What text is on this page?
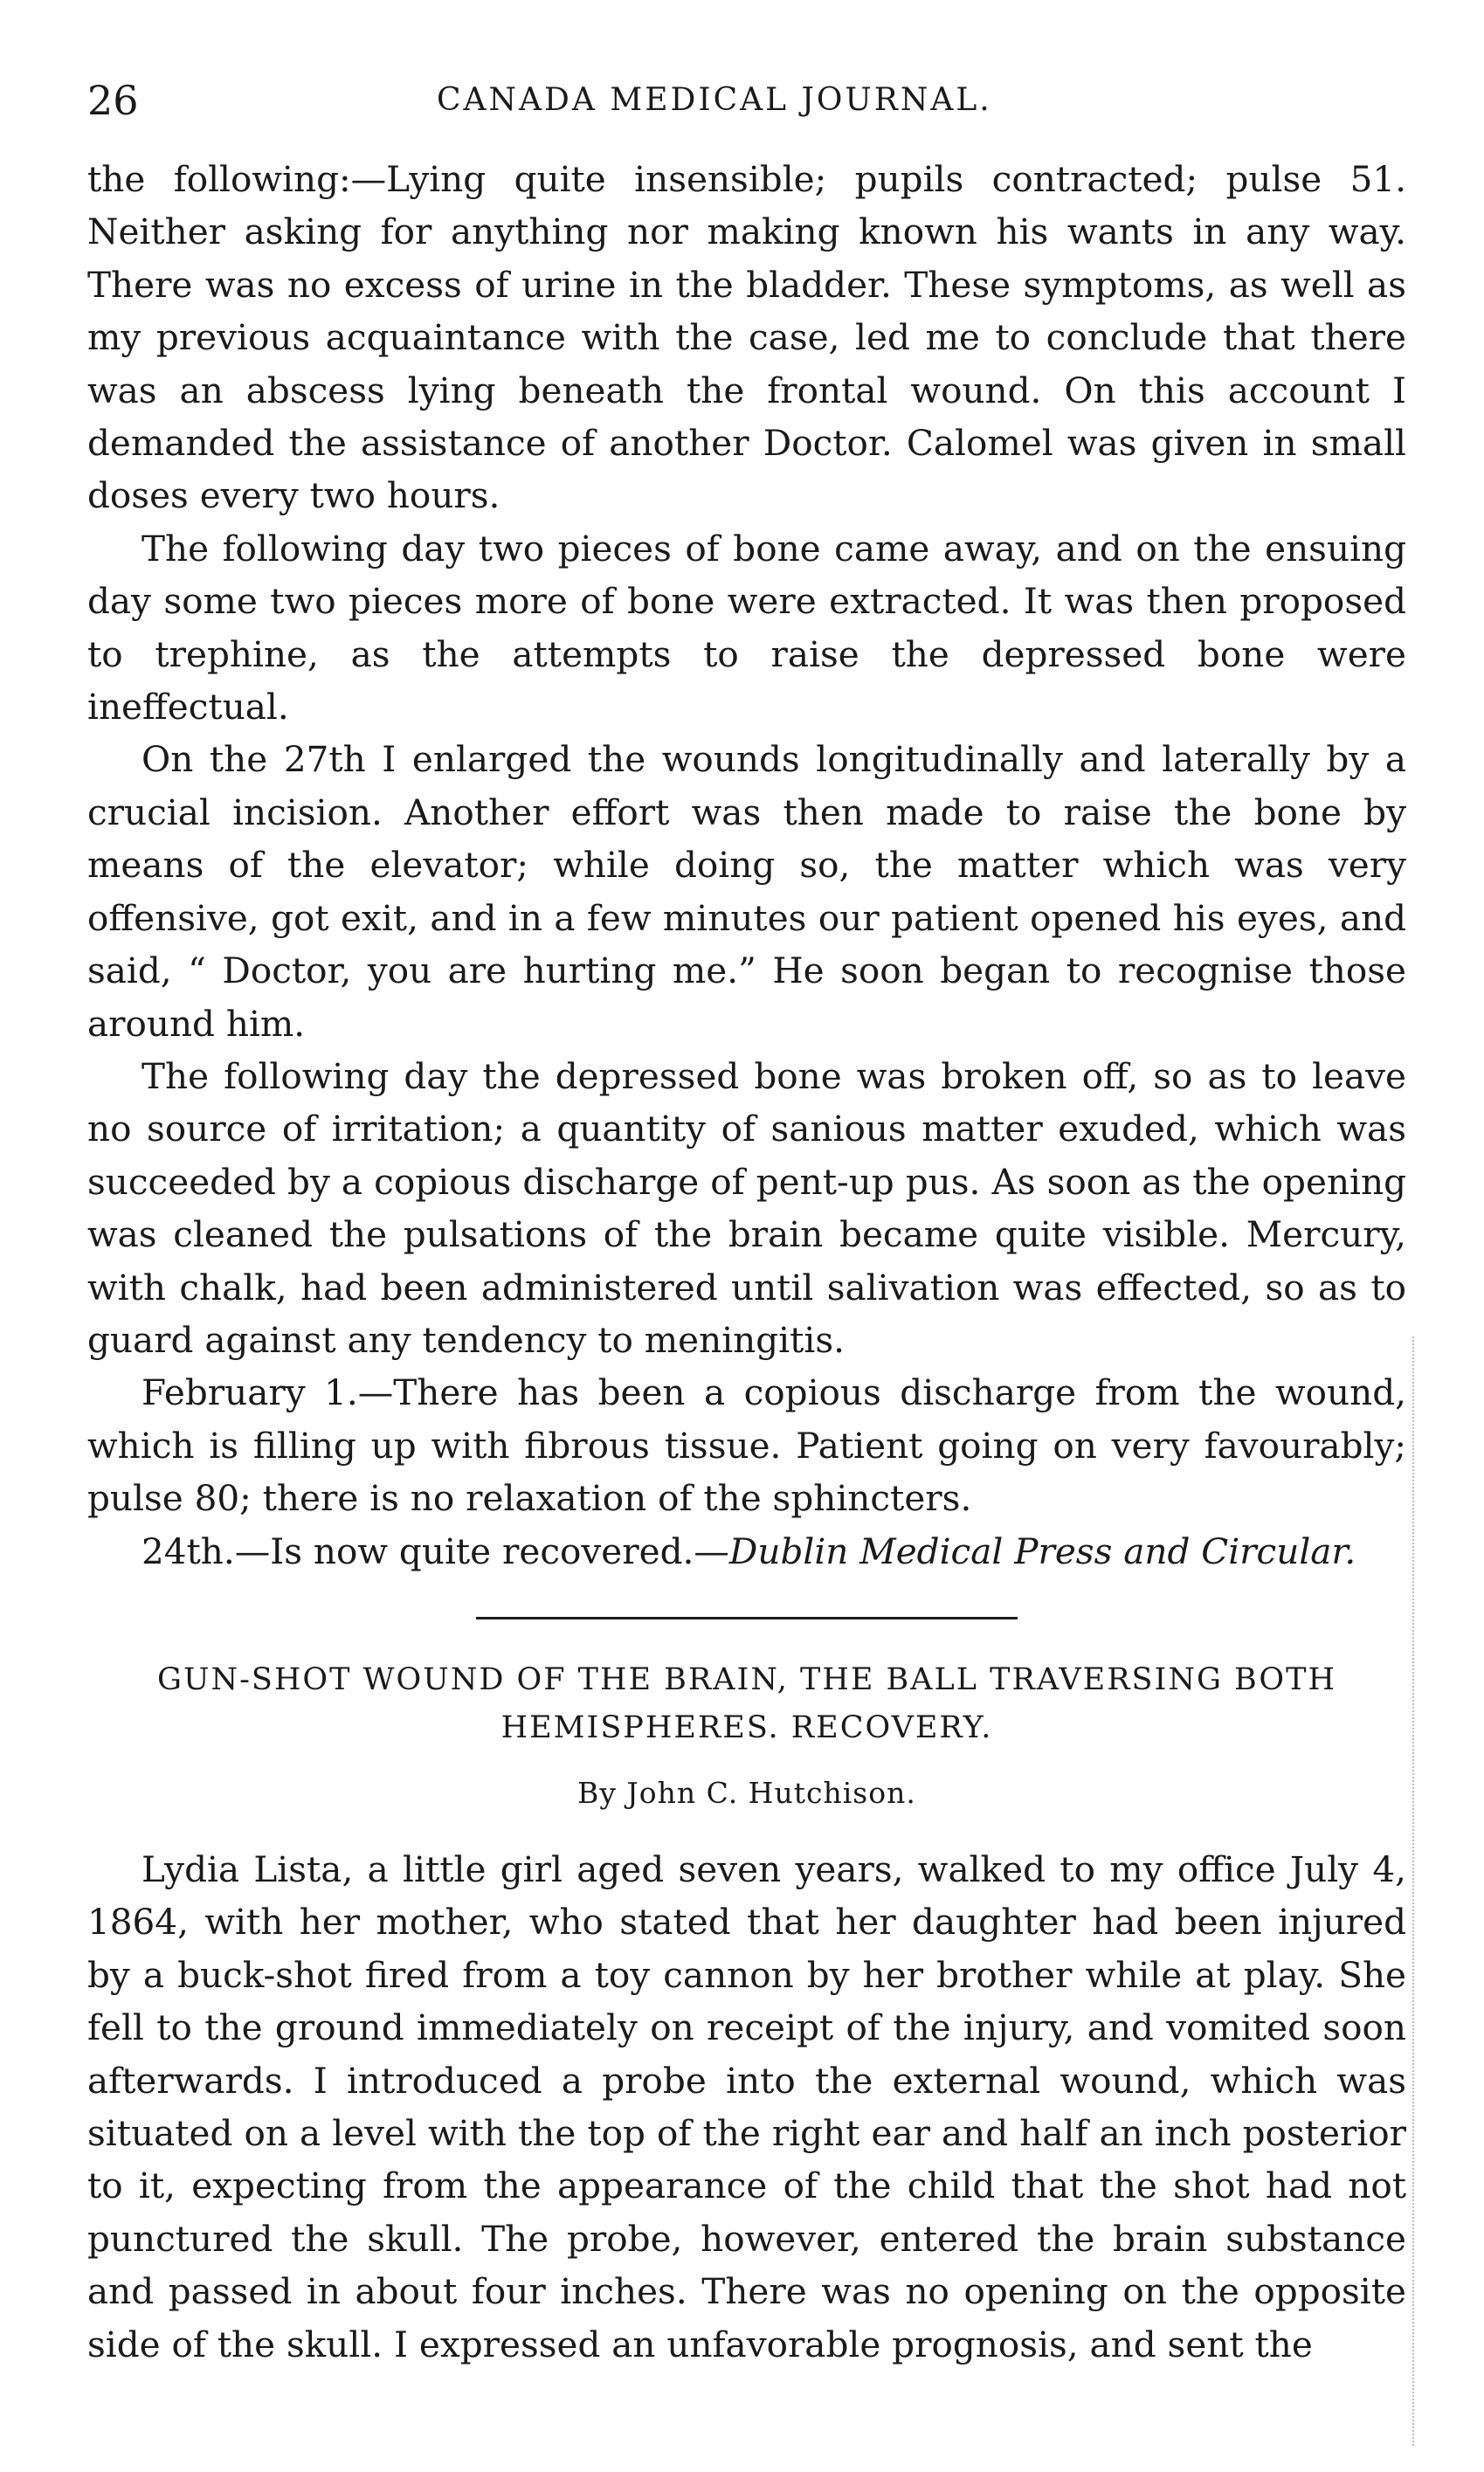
26	CANADA MEDICAL JOURNAL.

the following:—Lying quite insensible; pupils contracted; pulse 51. Neither asking for anything nor making known his wants in any way. There was no excess of urine in the bladder. These symptoms, as well as my previous acquaintance with the case, led me to conclude that there was an abscess lying beneath the frontal wound. On this account I demanded the assistance of another Doctor. Calomel was given in small doses every two hours.

The following day two pieces of bone came away, and on the ensuing day some two pieces more of bone were extracted. It was then proposed to trephine, as the attempts to raise the depressed bone were ineffectual.

On the 27th I enlarged the wounds longitudinally and laterally by a crucial incision. Another effort was then made to raise the bone by means of the elevator; while doing so, the matter which was very offensive, got exit, and in a few minutes our patient opened his eyes, and said, “ Doctor, you are hurting me.” He soon began to recognise those around him.

The following day the depressed bone was broken off, so as to leave no source of irritation; a quantity of sanious matter exuded, which was succeeded by a copious discharge of pent-up pus. As soon as the opening was cleaned the pulsations of the brain became quite visible. Mercury, with chalk, had been administered until salivation was effected, so as to guard against any tendency to meningitis.

February 1.—There has been a copious discharge from the wound, which is filling up with fibrous tissue. Patient going on very favourably; pulse 80; there is no relaxation of the sphincters.

24th.—Is now quite recovered.—Dublin Medical Press and Circular.

GUN-SHOT WOUND OF THE BRAIN, THE BALL TRAVERSING BOTH

HEMISPHERES. RECOVERY.

By John C. Hutchison.

Lydia Lista, a little girl aged seven years, walked to my office July 4, 1864, with her mother, who stated that her daughter had been injured by a buck-shot fired from a toy cannon by her brother while at play. She fell to the ground immediately on receipt of the injury, and vomited soon afterwards. I introduced a probe into the external wound, which was situated on a level with the top of the right ear and half an inch posterior to it, expecting from the appearance of the child that the shot had not punctured the skull. The probe, however, entered the brain substance and passed in about four inches. There was no opening on the opposite side of the skull. I expressed an unfavorable prognosis, and sent the
